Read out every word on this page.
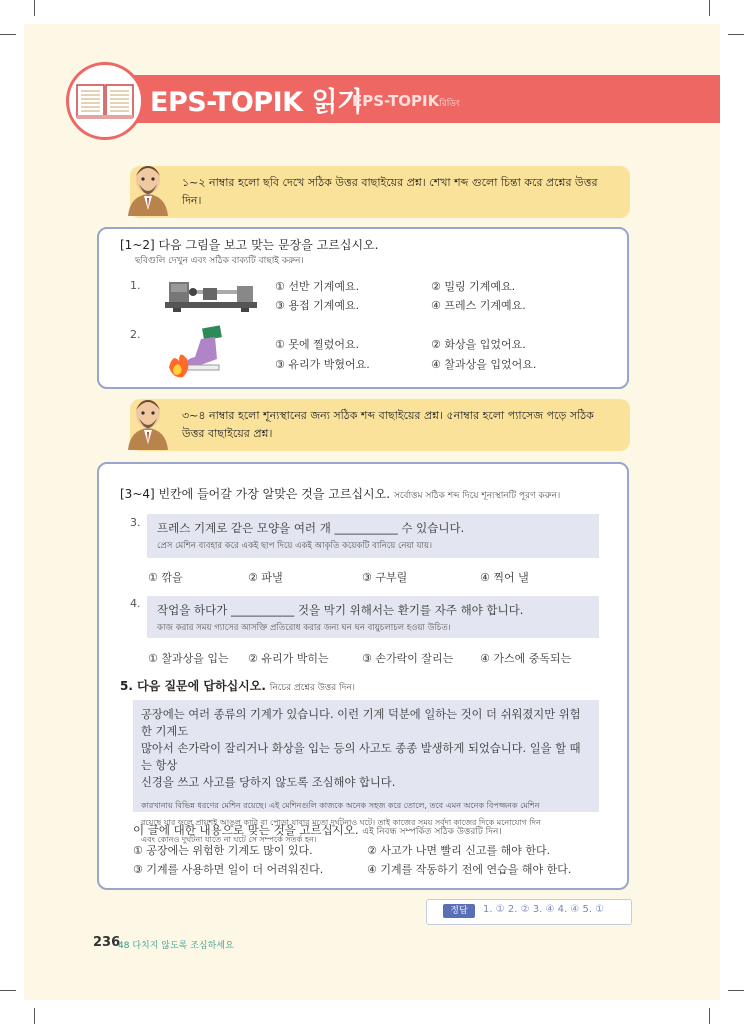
EPS-TOPIK 읽기
EPS-TOPIKরিডিং
১~২ নাম্বার হলো ছবি দেখে সঠিক উত্তর বাছাইয়ের প্রশ্ন। শেখা শব্দ গুলো চিন্তা করে প্রশ্নের উত্তর দিন।
[1~2] 다음 그림을 보고 맞는 문장을 고르십시오.
ছবিগুলি দেখুন এবং সঠিক বাক্যটি বাছাই করুন।
1.	① 선반 기계예요.	② 밀링 기계예요.
③ 용접 기계예요.	④ 프레스 기계예요.
2.
① 못에 찔렸어요.	② 화상을 입었어요.
③ 유리가 박혔어요.	④ 찰과상을 입었어요.
৩~৪ নাম্বার হলো শূন্যস্থানের জন্য সঠিক শব্দ বাছাইয়ের প্রশ্ন। ৫নাম্বার হলো প্যাসেজ পড়ে সঠিক উত্তর বাছাইয়ের প্রশ্ন।
[3~4] 빈칸에 들어갈 가장 알맞은 것을 고르십시오. সর্বোত্তম সঠিক শব্দ দিয়ে শূন্যস্থানটি পূরণ করুন।
3. 프레스 기계로 같은 모양을 여러 개 ___________ 수 있습니다.
প্রেস মেশিন ব্যবহার করে একই ছাপ দিয়ে একই আকৃতি কয়েকটি বানিয়ে নেয়া যায়।
① 깎을	② 파낼	③ 구부릴	④ 찍어 낼
4. 작업을 하다가 ___________ 것을 막기 위해서는 환기를 자주 해야 합니다.
কাজ করার সময় গ্যাসের আসক্তি প্রতিরোধ করার জন্য ঘন ঘন বায়ুচলাচল হওয়া উচিত।
① 찰과상을 입는 ② 유리가 박히는	③ 손가락이 잘리는 ④ 가스에 중독되는
5. 다음 질문에 답하십시오. নিচের প্রশ্নের উত্তর দিন।
공장에는 여러 종류의 기계가 있습니다. 이런 기계 덕분에 일하는 것이 더 쉬워졌지만 위험한 기계도
많아서 손가락이 잘리거나 화상을 입는 등의 사고도 종종 발생하게 되었습니다. 일을 할 때는 항상
신경을 쓰고 사고를 당하지 않도록 조심해야 합니다.
কারখানায় বিভিন্ন ধরণের মেশিন রয়েছে। এই মেশিনগুলি কাজকে অনেক সহজ করে তোলে, তবে এমন অনেক বিপজ্জনক মেশিন
রয়েছে যার ফলে প্রায়শই আঙুল কাটা বা পোড়া যাবার মতো দুর্ঘটনাও ঘটে। তাই কাজের সময় সর্বদা কাজের দিকে মনোযোগ দিন
এবং কোনও দুর্ঘটনা যাতে না ঘটে সে সম্পর্কে সতর্ক হন।
이 글에 대한 내용으로 맞는 것을 고르십시오. এই নিবন্ধ সম্পর্কিত সঠিক উত্তরটি দিন।
① 공장에는 위험한 기계도 많이 있다.	② 사고가 나면 빨리 신고를 해야 한다.
③ 기계를 사용하면 일이 더 어려워진다.	④ 기계를 작동하기 전에 연습을 해야 한다.
정답	1. ① 2. ② 3. ④ 4. ④ 5. ①
236
48 다치지 않도록 조심하세요
